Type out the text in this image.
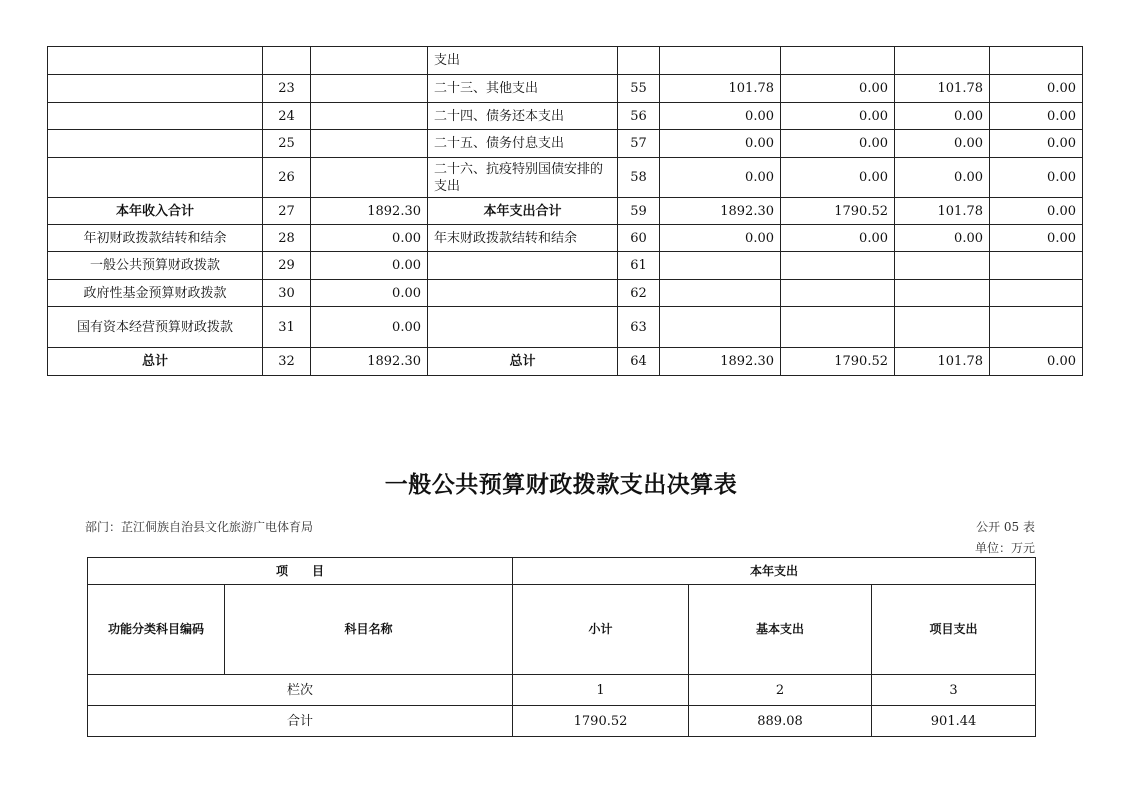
			支出					
	23		二十三、其他支出	55	101.78	0.00	101.78	0.00
	24		二十四、债务还本支出	56	0.00	0.00	0.00	0.00
	25		二十五、债务付息支出	57	0.00	0.00	0.00	0.00
	26		二十六、抗疫特别国债安排的支出	58	0.00	0.00	0.00	0.00
本年收入合计	27	1892.30	本年支出合计	59	1892.30	1790.52	101.78	0.00
年初财政拨款结转和结余	28	0.00	年末财政拨款结转和结余	60	0.00	0.00	0.00	0.00
一般公共预算财政拨款	29	0.00		61				
政府性基金预算财政拨款	30	0.00		62				
国有资本经营预算财政拨款	31	0.00		63				
总计	32	1892.30	总计	64	1892.30	1790.52	101.78	0.00
一般公共预算财政拨款支出决算表
部门：芷江侗族自治县文化旅游广电体育局	公开 05 表
单位：万元
项　　目		本年支出		
功能分类科目编码	科目名称	小计	基本支出	项目支出
栏次		1	2	3
合计		1790.52	889.08	901.44
